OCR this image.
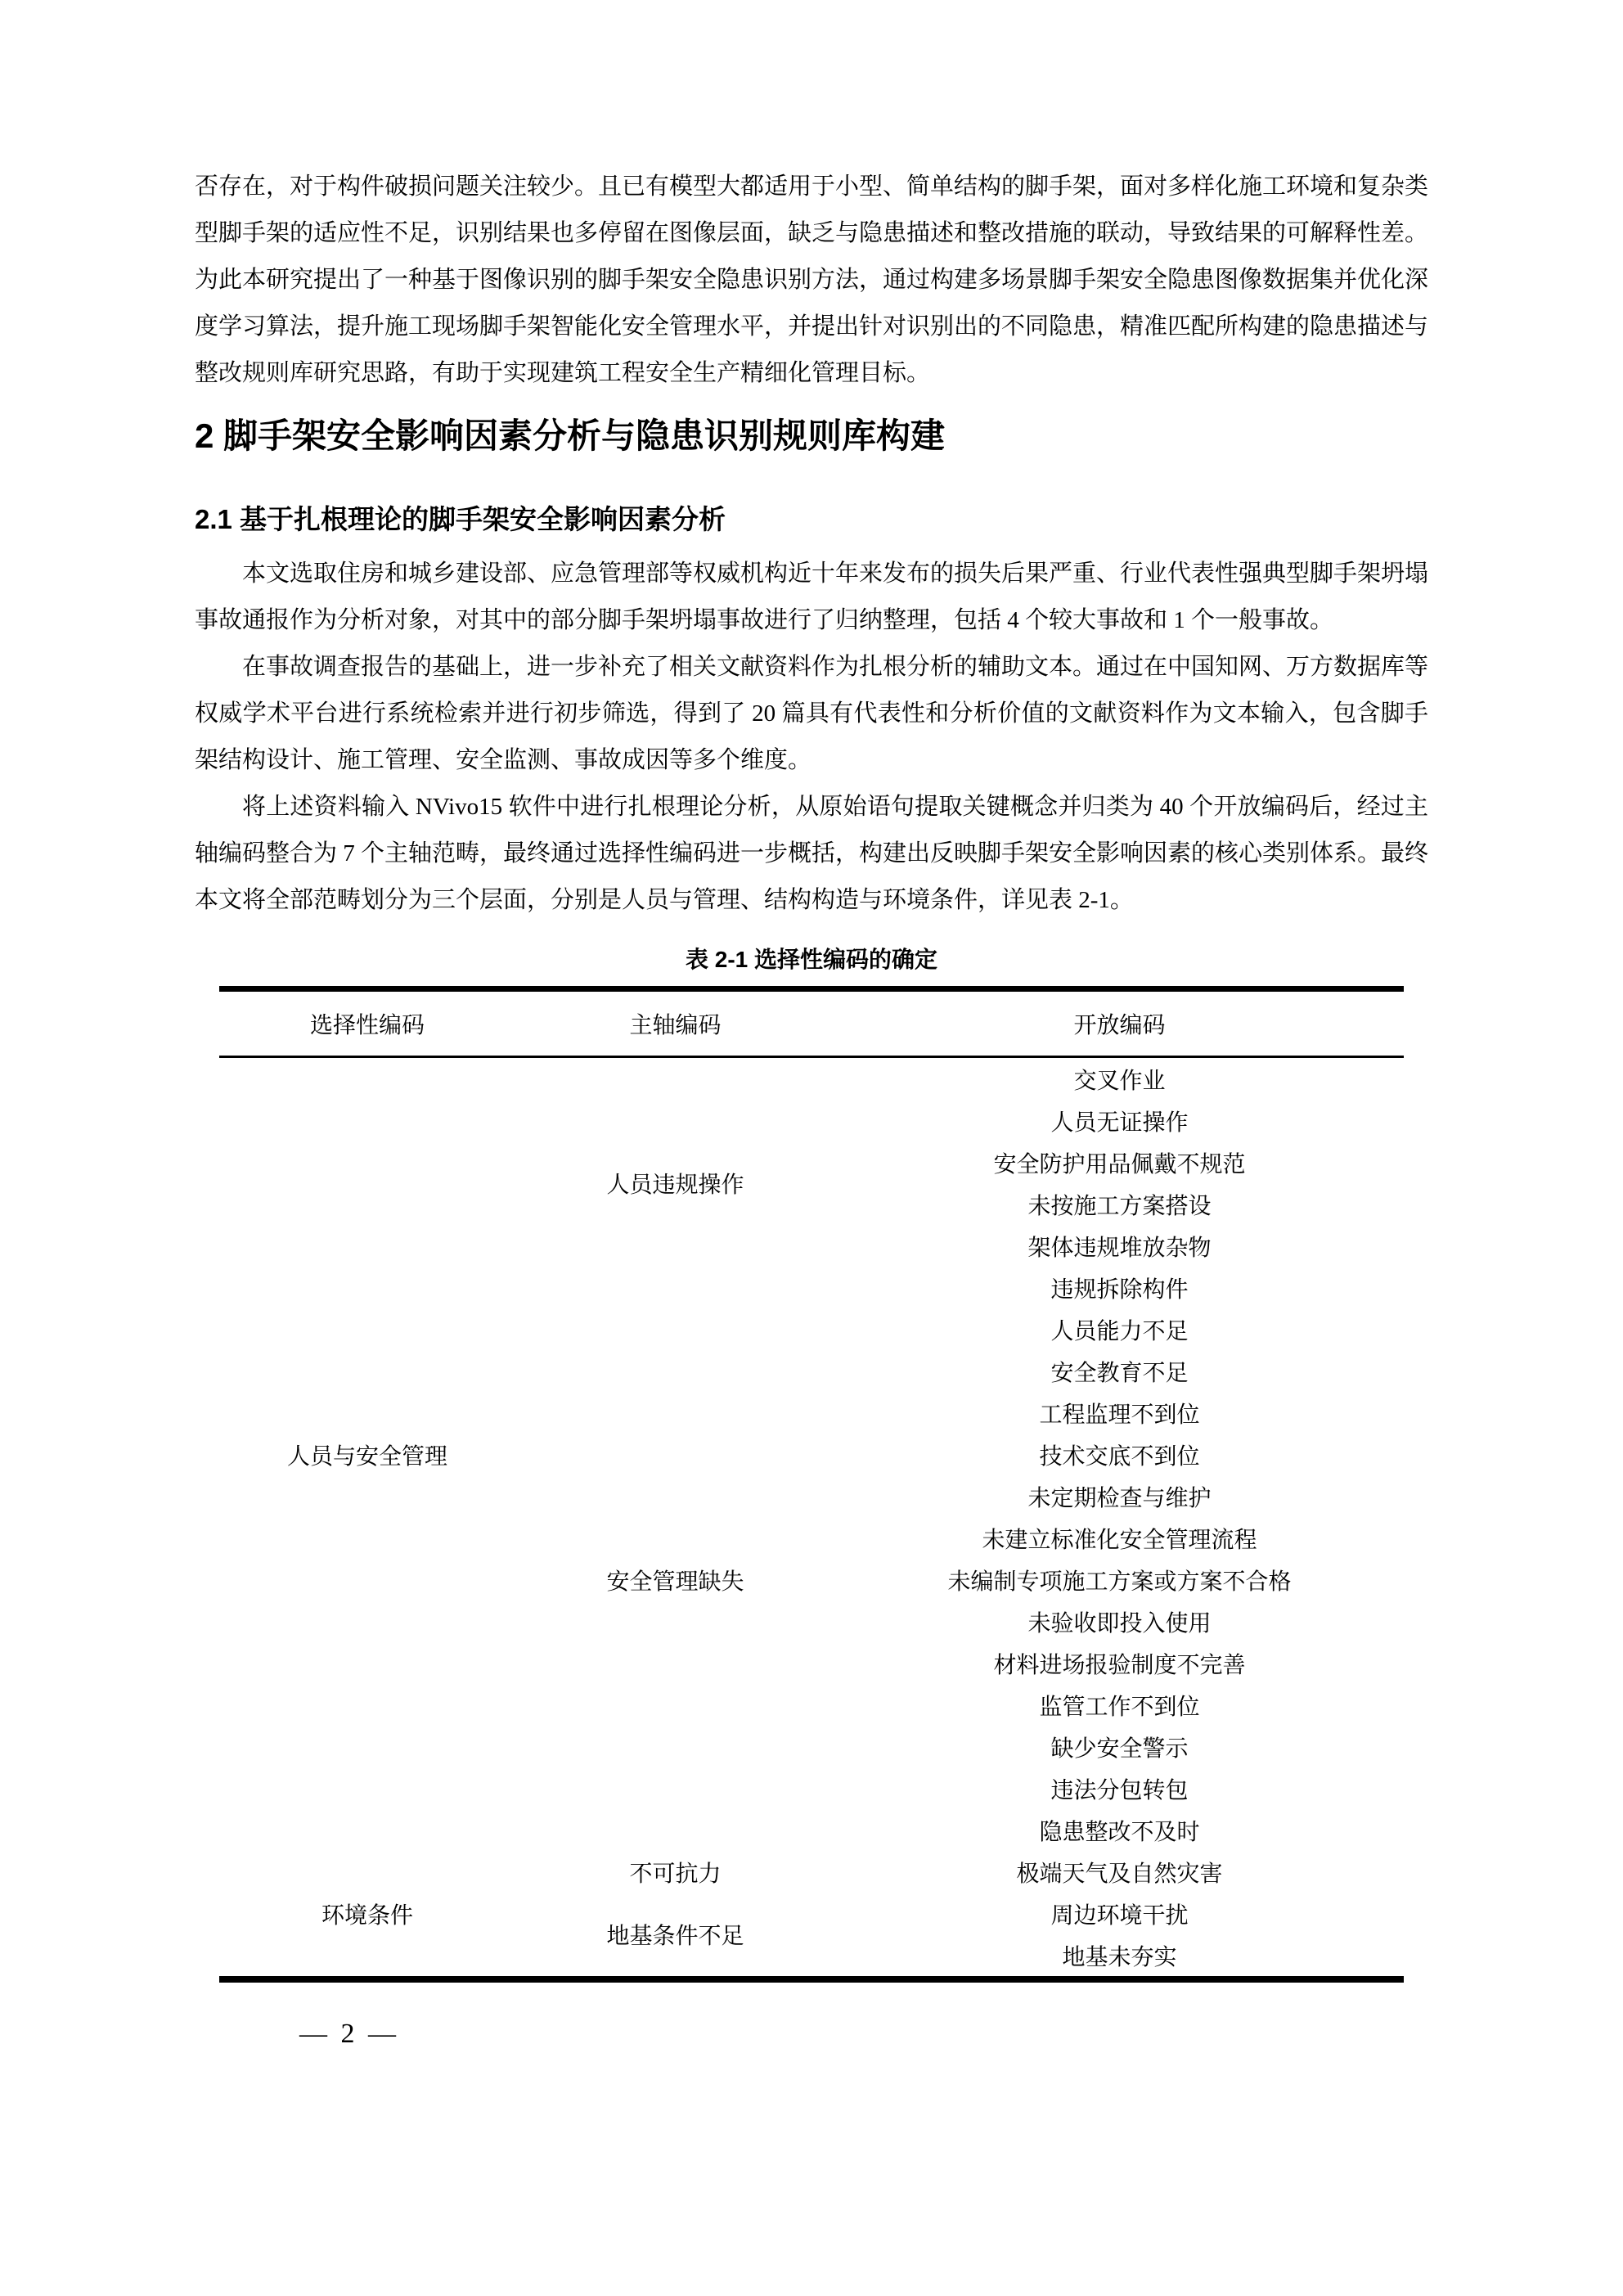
否存在，对于构件破损问题关注较少。且已有模型大都适用于小型、简单结构的脚手架，面对多样化施工环境和复杂类型脚手架的适应性不足，识别结果也多停留在图像层面，缺乏与隐患描述和整改措施的联动，导致结果的可解释性差。为此本研究提出了一种基于图像识别的脚手架安全隐患识别方法，通过构建多场景脚手架安全隐患图像数据集并优化深度学习算法，提升施工现场脚手架智能化安全管理水平，并提出针对识别出的不同隐患，精准匹配所构建的隐患描述与整改规则库研究思路，有助于实现建筑工程安全生产精细化管理目标。

2 脚手架安全影响因素分析与隐患识别规则库构建
2.1 基于扎根理论的脚手架安全影响因素分析

本文选取住房和城乡建设部、应急管理部等权威机构近十年来发布的损失后果严重、行业代表性强典型脚手架坍塌事故通报作为分析对象，对其中的部分脚手架坍塌事故进行了归纳整理，包括 4 个较大事故和 1 个一般事故。

在事故调查报告的基础上，进一步补充了相关文献资料作为扎根分析的辅助文本。通过在中国知网、万方数据库等权威学术平台进行系统检索并进行初步筛选，得到了 20 篇具有代表性和分析价值的文献资料作为文本输入，包含脚手架结构设计、施工管理、安全监测、事故成因等多个维度。

将上述资料输入 NVivo15 软件中进行扎根理论分析，从原始语句提取关键概念并归类为 40 个开放编码后，经过主轴编码整合为 7 个主轴范畴，最终通过选择性编码进一步概括，构建出反映脚手架安全影响因素的核心类别体系。最终本文将全部范畴划分为三个层面，分别是人员与管理、结构构造与环境条件，详见表 2-1。

表 2-1 选择性编码的确定
选择性编码	主轴编码	开放编码
人员与安全管理	人员违规操作	交叉作业
		人员无证操作
		安全防护用品佩戴不规范
		未按施工方案搭设
		架体违规堆放杂物
		违规拆除构件
	安全管理缺失	人员能力不足
		安全教育不足
		工程监理不到位
		技术交底不到位
		未定期检查与维护
		未建立标准化安全管理流程
		未编制专项施工方案或方案不合格
		未验收即投入使用
		材料进场报验制度不完善
		监管工作不到位
		缺少安全警示
		违法分包转包
		隐患整改不及时
环境条件	不可抗力	极端天气及自然灾害
	地基条件不足	周边环境干扰
		地基未夯实
— 2 —
